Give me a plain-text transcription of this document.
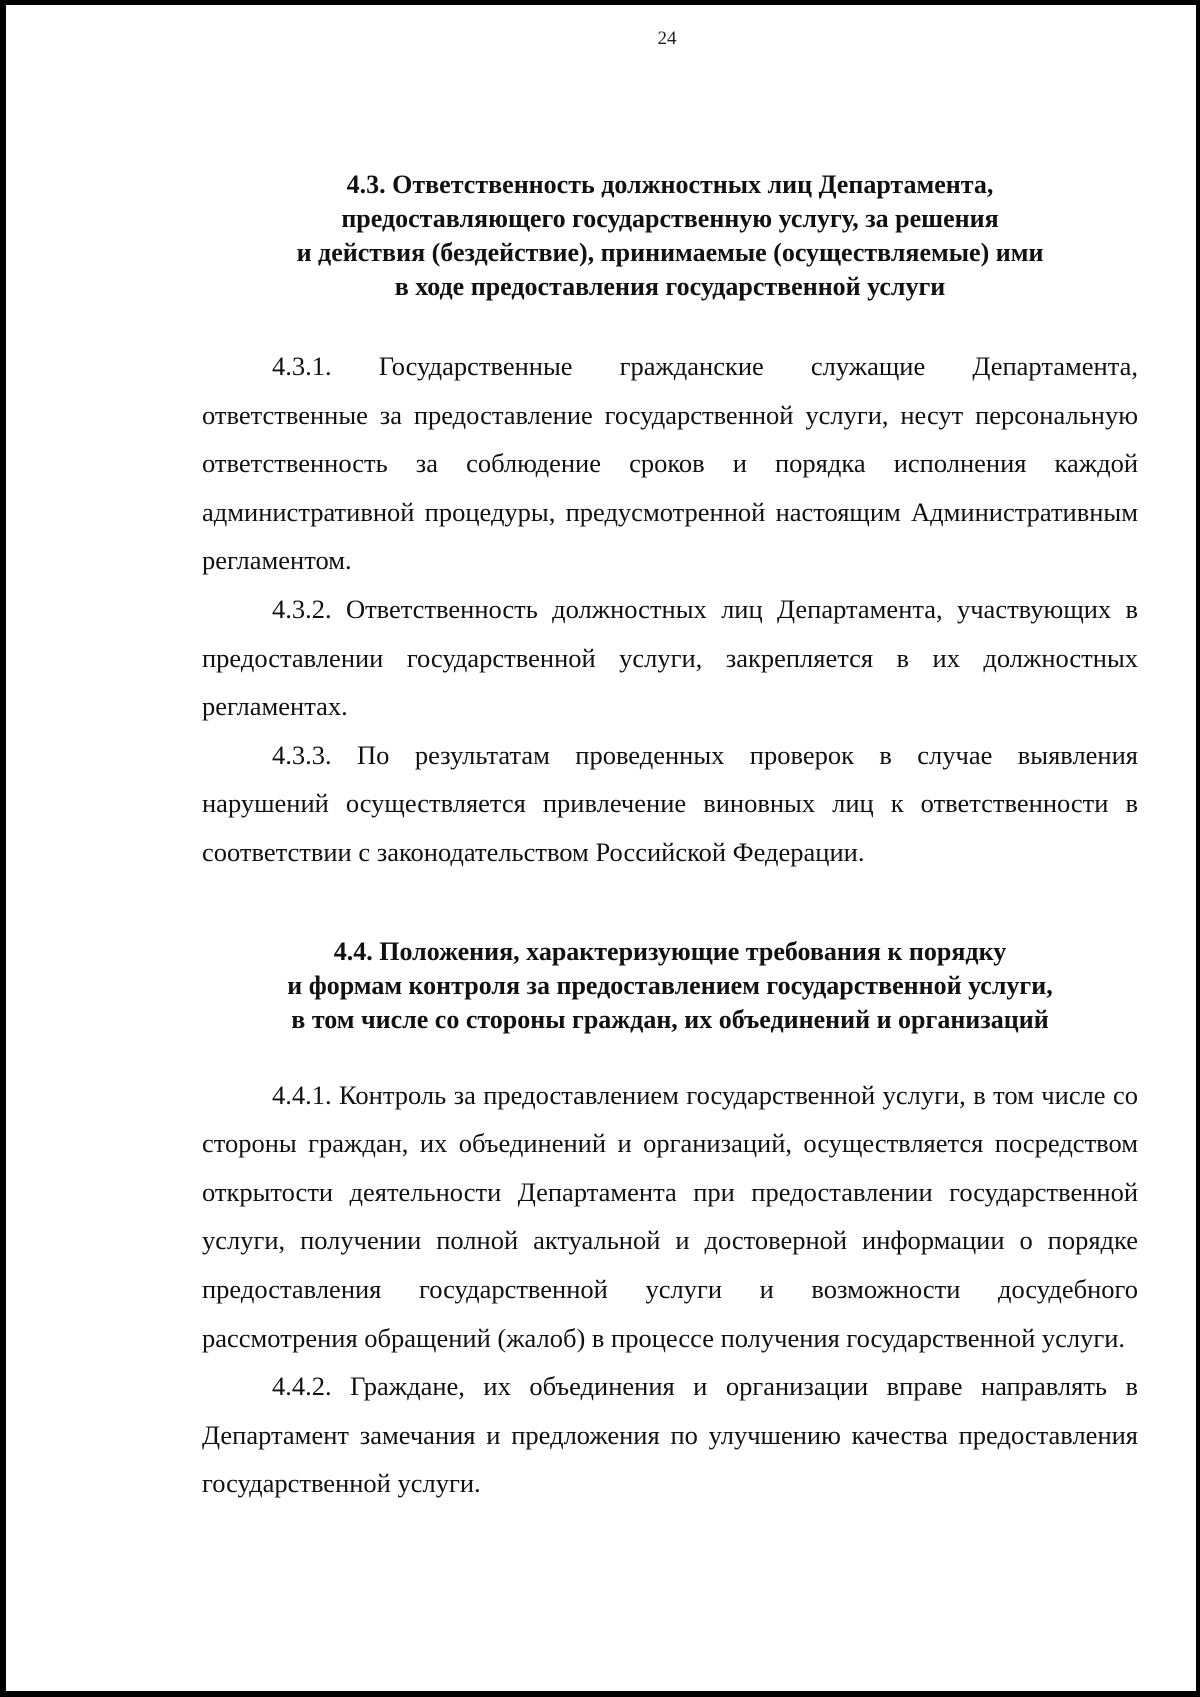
24
4.3. Ответственность должностных лиц Департамента,
предоставляющего государственную услугу, за решения
и действия (бездействие), принимаемые (осуществляемые) ими
в ходе предоставления государственной услуги

4.3.1. Государственные гражданские служащие Департамента, ответственные за предоставление государственной услуги, несут персональную ответственность за соблюдение сроков и порядка исполнения каждой административной процедуры, предусмотренной настоящим Административным регламентом.

4.3.2. Ответственность должностных лиц Департамента, участвующих в предоставлении государственной услуги, закрепляется в их должностных регламентах.

4.3.3. По результатам проведенных проверок в случае выявления нарушений осуществляется привлечение виновных лиц к ответственности в соответствии с законодательством Российской Федерации.

4.4. Положения, характеризующие требования к порядку
и формам контроля за предоставлением государственной услуги,
в том числе со стороны граждан, их объединений и организаций

4.4.1. Контроль за предоставлением государственной услуги, в том числе со стороны граждан, их объединений и организаций, осуществляется посредством открытости деятельности Департамента при предоставлении государственной услуги, получении полной актуальной и достоверной информации о порядке предоставления государственной услуги и возможности досудебного рассмотрения обращений (жалоб) в процессе получения государственной услуги.

4.4.2. Граждане, их объединения и организации вправе направлять в Департамент замечания и предложения по улучшению качества предоставления государственной услуги.
